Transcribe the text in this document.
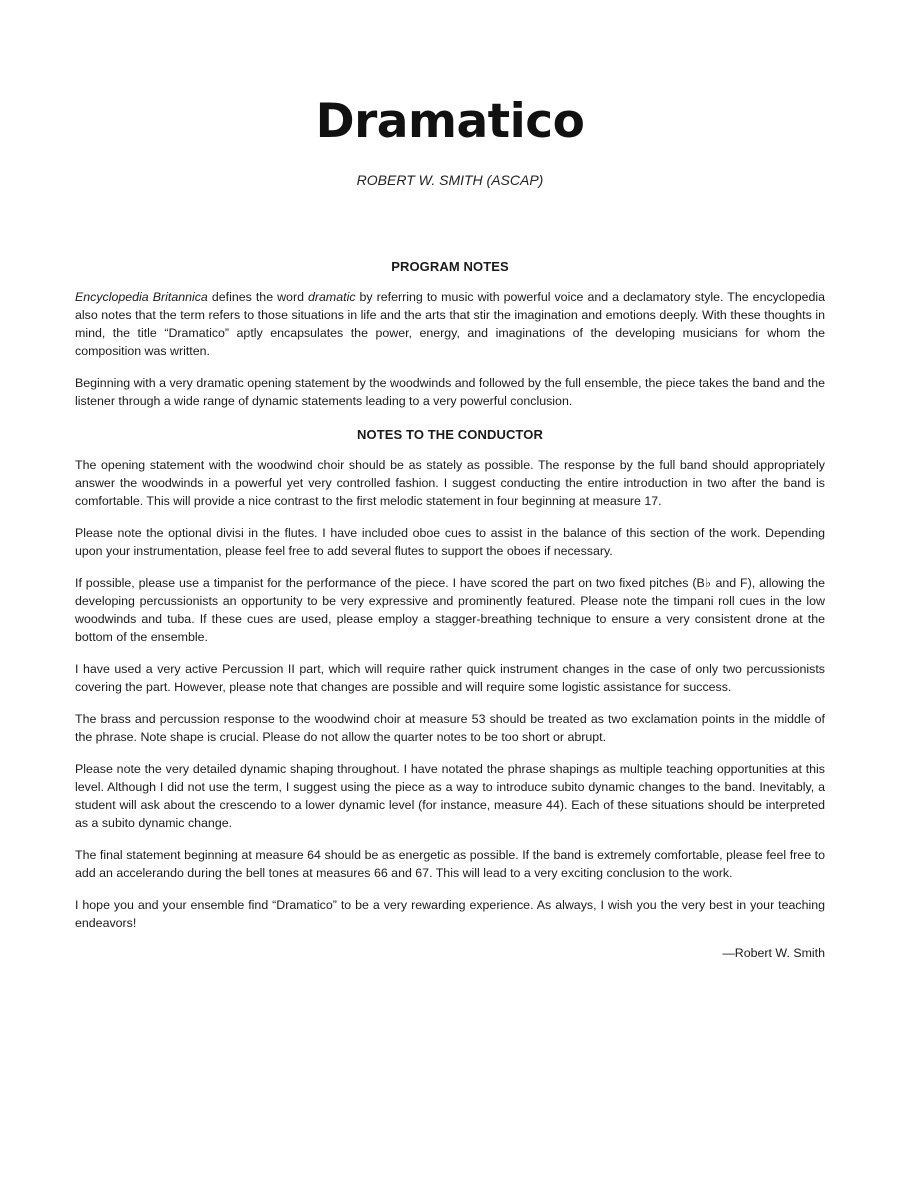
Dramatico
ROBERT W. SMITH (ASCAP)
PROGRAM NOTES

Encyclopedia Britannica defines the word dramatic by referring to music with powerful voice and a declamatory style. The encyclopedia also notes that the term refers to those situations in life and the arts that stir the imagination and emotions deeply. With these thoughts in mind, the title “Dramatico” aptly encapsulates the power, energy, and imaginations of the developing musicians for whom the composition was written.

Beginning with a very dramatic opening statement by the woodwinds and followed by the full ensemble, the piece takes the band and the listener through a wide range of dynamic statements leading to a very powerful conclusion.

NOTES TO THE CONDUCTOR

The opening statement with the woodwind choir should be as stately as possible. The response by the full band should appropriately answer the woodwinds in a powerful yet very controlled fashion. I suggest conducting the entire introduction in two after the band is comfortable. This will provide a nice contrast to the first melodic statement in four beginning at measure 17.

Please note the optional divisi in the flutes. I have included oboe cues to assist in the balance of this section of the work. Depending upon your instrumentation, please feel free to add several flutes to support the oboes if necessary.

If possible, please use a timpanist for the performance of the piece. I have scored the part on two fixed pitches (B♭ and F), allowing the developing percussionists an opportunity to be very expressive and prominently featured. Please note the timpani roll cues in the low woodwinds and tuba. If these cues are used, please employ a stagger-breathing technique to ensure a very consistent drone at the bottom of the ensemble.

I have used a very active Percussion II part, which will require rather quick instrument changes in the case of only two percussionists covering the part. However, please note that changes are possible and will require some logistic assistance for success.

The brass and percussion response to the woodwind choir at measure 53 should be treated as two exclamation points in the middle of the phrase. Note shape is crucial. Please do not allow the quarter notes to be too short or abrupt.

Please note the very detailed dynamic shaping throughout. I have notated the phrase shapings as multiple teaching opportunities at this level. Although I did not use the term, I suggest using the piece as a way to introduce subito dynamic changes to the band. Inevitably, a student will ask about the crescendo to a lower dynamic level (for instance, measure 44). Each of these situations should be interpreted as a subito dynamic change.

The final statement beginning at measure 64 should be as energetic as possible. If the band is extremely comfortable, please feel free to add an accelerando during the bell tones at measures 66 and 67. This will lead to a very exciting conclusion to the work.

I hope you and your ensemble find “Dramatico” to be a very rewarding experience. As always, I wish you the very best in your teaching endeavors!

—Robert W. Smith
